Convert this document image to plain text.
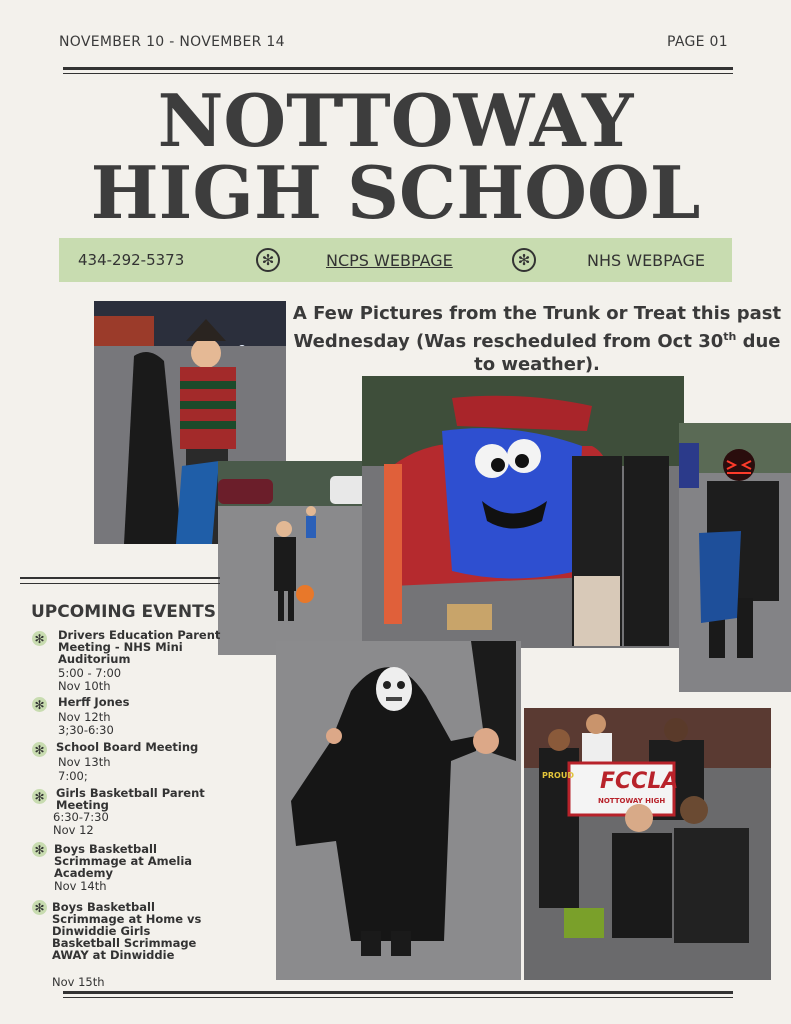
NOVEMBER 10 - NOVEMBER 14	PAGE 01
NOTTOWAY
HIGH SCHOOL
434-292-5373	✻	NCPS WEBPAGE	✻	NHS WEBPAGE
A Few Pictures from the Trunk or Treat this past Wednesday (Was rescheduled from Oct 30th due to weather).
FCCLA
NOTTOWAY HIGH
PROUD
UPCOMING EVENTS
✻ Drivers Education Parent Meeting - NHS Mini Auditorium
5:00 - 7:00
Nov 10th
✻ Herff Jones
Nov 12th
3;30-6:30
✻ School Board Meeting
Nov 13th
7:00;
✻ Girls Basketball Parent Meeting
6:30-7:30
Nov 12
✻ Boys Basketball Scrimmage at Amelia Academy
Nov 14th
✻ Boys Basketball Scrimmage at Home vs Dinwiddie Girls Basketball Scrimmage AWAY at Dinwiddie
Nov 15th
